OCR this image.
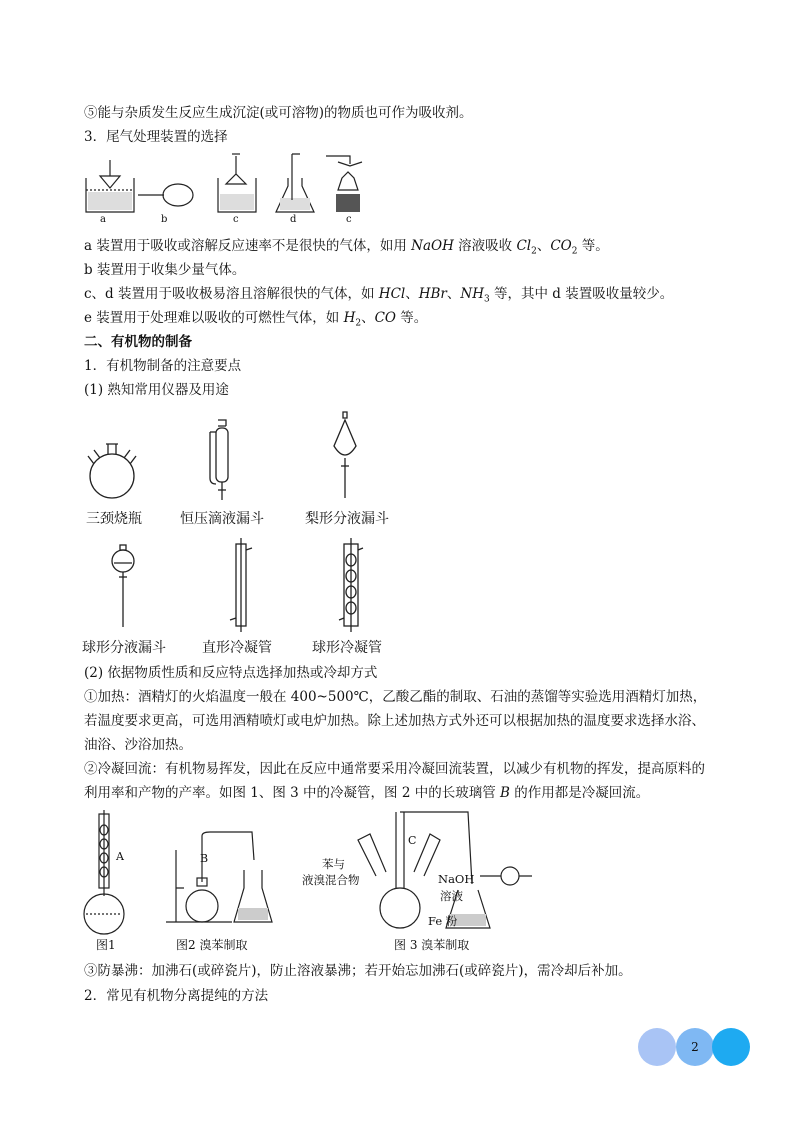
⑤能与杂质发生反应生成沉淀(或可溶物)的物质也可作为吸收剂。
3．尾气处理装置的选择
a	b	c	d	c
a 装置用于吸收或溶解反应速率不是很快的气体，如用 NaOH 溶液吸收 $Cl_2$、$CO_2$ 等。
b 装置用于收集少量气体。
c、d 装置用于吸收极易溶且溶解很快的气体，如 HCl、HBr、$NH_3$ 等，其中 d 装置吸收量较少。
e 装置用于处理难以吸收的可燃性气体，如 $H_2$、CO 等。
二、有机物的制备
1．有机物制备的注意要点
(1) 熟知常用仪器及用途
三颈烧瓶	恒压滴液漏斗	梨形分液漏斗
球形分液漏斗	直形冷凝管	球形冷凝管
(2) 依据物质性质和反应特点选择加热或冷却方式
①加热：酒精灯的火焰温度一般在 400~500℃，乙酸乙酯的制取、石油的蒸馏等实验选用酒精灯加热，若温度要求更高，可选用酒精喷灯或电炉加热。除上述加热方式外还可以根据加热的温度要求选择水浴、油浴、沙浴加热。
②冷凝回流：有机物易挥发，因此在反应中通常要采用冷凝回流装置，以减少有机物的挥发，提高原料的利用率和产物的产率。如图 1、图 3 中的冷凝管，图 2 中的长玻璃管 B 的作用都是冷凝回流。
A	B
C
苯与
液溴混合物	NaOH
溶液
Fe 粉
图1	图2 溴苯制取	图 3 溴苯制取
③防暴沸：加沸石(或碎瓷片)，防止溶液暴沸；若开始忘加沸石(或碎瓷片)，需冷却后补加。
2．常见有机物分离提纯的方法
2
